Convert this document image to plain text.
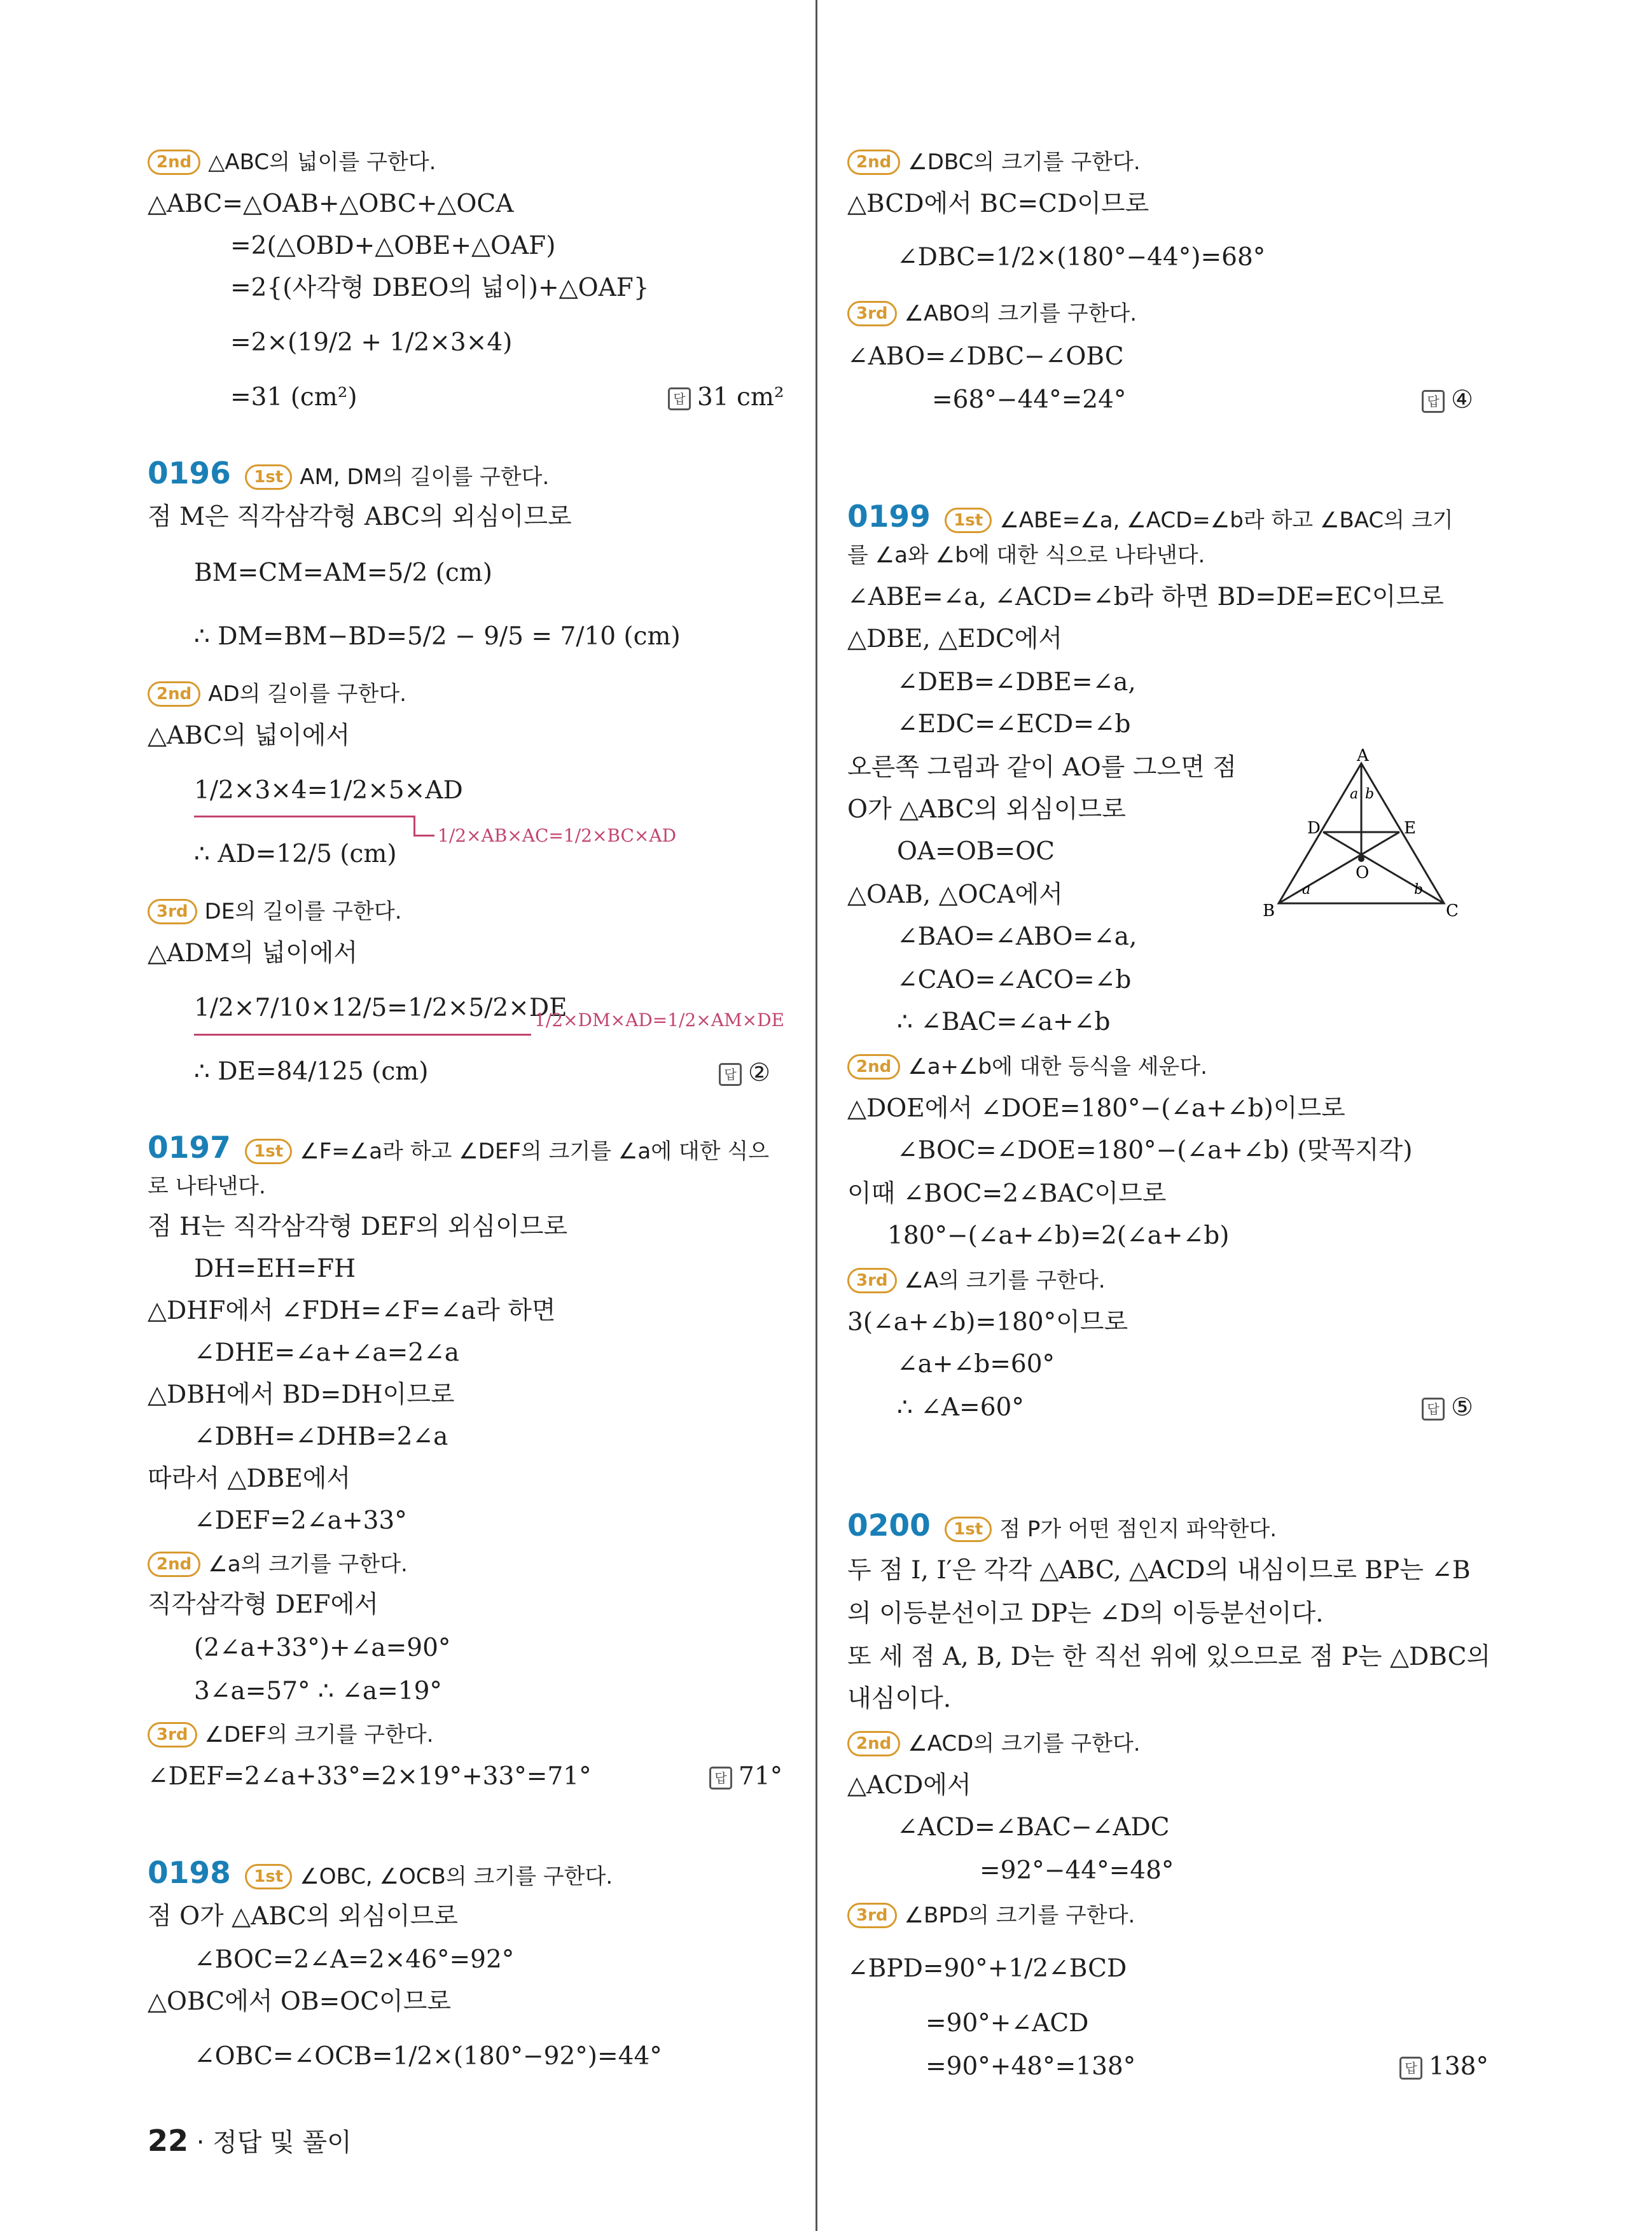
2nd △ABC의 넓이를 구한다.
△ABC=△OAB+△OBC+△OCA
=2(△OBD+△OBE+△OAF)
=2{(사각형 DBEO의 넓이)+△OAF}
=2×(19/2 + 1/2×3×4)
=31 (cm²)	답 31 cm²
0196 1st AM, DM의 길이를 구한다.
점 M은 직각삼각형 ABC의 외심이므로
BM=CM=AM=5/2 (cm)
∴ DM=BM−BD=5/2 − 9/5 = 7/10 (cm)
2nd AD의 길이를 구한다.
△ABC의 넓이에서
1/2×3×4=1/2×5×AD
1/2×AB×AC=1/2×BC×AD
∴ AD=12/5 (cm)
3rd DE의 길이를 구한다.
△ADM의 넓이에서
1/2×7/10×12/5=1/2×5/2×DE
1/2×DM×AD=1/2×AM×DE
∴ DE=84/125 (cm)	답 ②
0197 1st ∠F=∠a라 하고 ∠DEF의 크기를 ∠a에 대한 식으
로 나타낸다.
점 H는 직각삼각형 DEF의 외심이므로
DH=EH=FH
△DHF에서 ∠FDH=∠F=∠a라 하면
∠DHE=∠a+∠a=2∠a
△DBH에서 BD=DH이므로
∠DBH=∠DHB=2∠a
따라서 △DBE에서
∠DEF=2∠a+33°
2nd ∠a의 크기를 구한다.
직각삼각형 DEF에서
(2∠a+33°)+∠a=90°
3∠a=57° ∴ ∠a=19°
3rd ∠DEF의 크기를 구한다.
∠DEF=2∠a+33°=2×19°+33°=71°	답 71°
0198 1st ∠OBC, ∠OCB의 크기를 구한다.
점 O가 △ABC의 외심이므로
∠BOC=2∠A=2×46°=92°
△OBC에서 OB=OC이므로
∠OBC=∠OCB=1/2×(180°−92°)=44°
2nd ∠DBC의 크기를 구한다.
△BCD에서 BC=CD이므로
∠DBC=1/2×(180°−44°)=68°
3rd ∠ABO의 크기를 구한다.
∠ABO=∠DBC−∠OBC
=68°−44°=24°	답 ④
0199 1st ∠ABE=∠a, ∠ACD=∠b라 하고 ∠BAC의 크기
를 ∠a와 ∠b에 대한 식으로 나타낸다.
∠ABE=∠a, ∠ACD=∠b라 하면 BD=DE=EC이므로
△DBE, △EDC에서
∠DEB=∠DBE=∠a,
∠EDC=∠ECD=∠b
오른쪽 그림과 같이 AO를 그으면 점
O가 △ABC의 외심이므로
OA=OB=OC
△OAB, △OCA에서
∠BAO=∠ABO=∠a,
∠CAO=∠ACO=∠b
∴ ∠BAC=∠a+∠b
2nd ∠a+∠b에 대한 등식을 세운다.
△DOE에서 ∠DOE=180°−(∠a+∠b)이므로
∠BOC=∠DOE=180°−(∠a+∠b) (맞꼭지각)
이때 ∠BOC=2∠BAC이므로
180°−(∠a+∠b)=2(∠a+∠b)
3rd ∠A의 크기를 구한다.
3(∠a+∠b)=180°이므로
∠a+∠b=60°
∴ ∠A=60°	답 ⑤
A
B	C
D	E
O
a b
a	b
0200 1st 점 P가 어떤 점인지 파악한다.
두 점 I, I′은 각각 △ABC, △ACD의 내심이므로 BP는 ∠B
의 이등분선이고 DP는 ∠D의 이등분선이다.
또 세 점 A, B, D는 한 직선 위에 있으므로 점 P는 △DBC의
내심이다.
2nd ∠ACD의 크기를 구한다.
△ACD에서
∠ACD=∠BAC−∠ADC
=92°−44°=48°
3rd ∠BPD의 크기를 구한다.
∠BPD=90°+1/2∠BCD
=90°+∠ACD
=90°+48°=138°	답 138°
22 · 정답 및 풀이
